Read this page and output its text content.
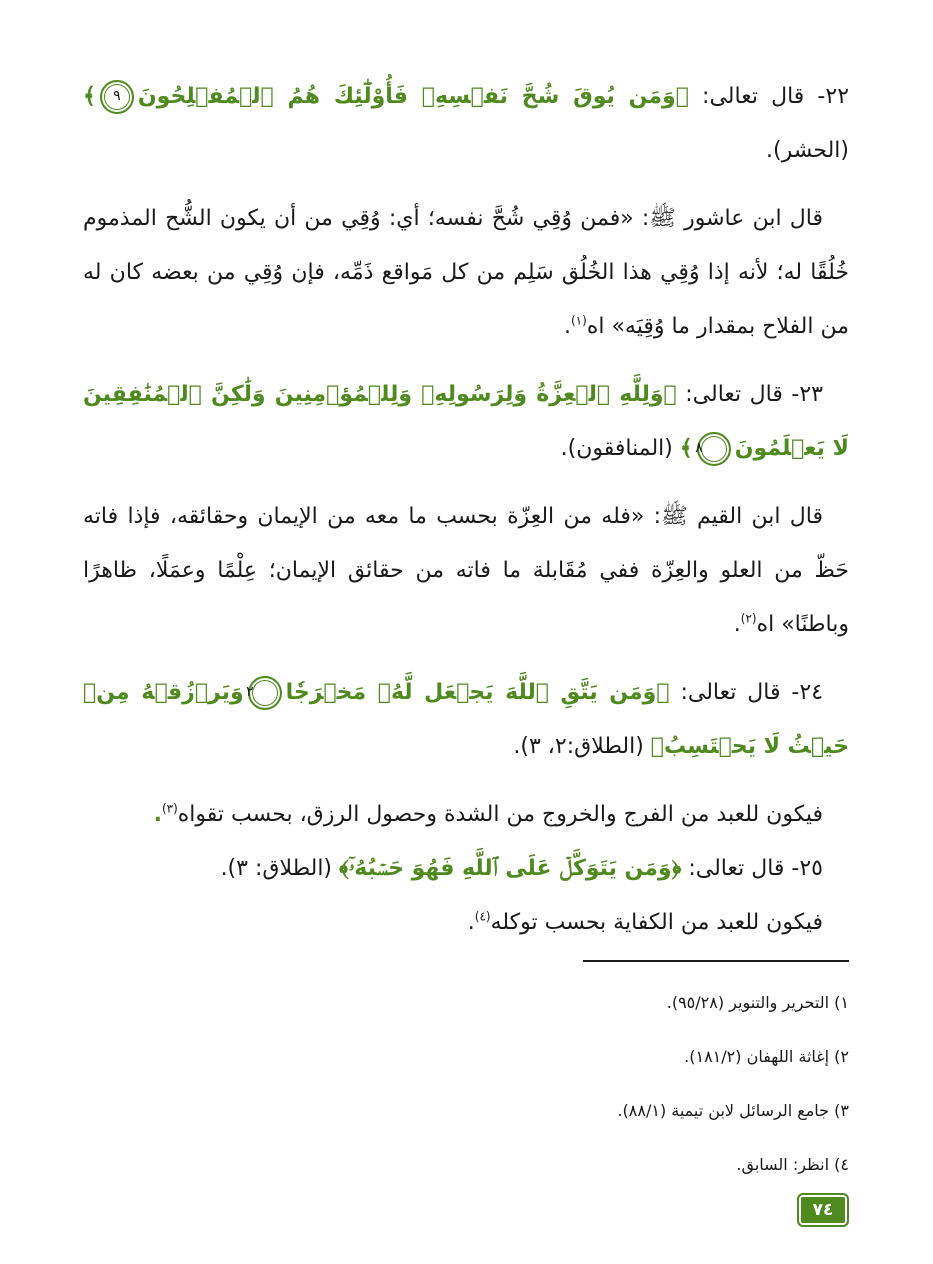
٢٢- قال تعالى: ﴿وَمَن يُوقَ شُحَّ نَفۡسِهِۦ فَأُوْلَٰٓئِكَ هُمُ ٱلۡمُفۡلِحُونَ٩﴾ (الحشر).

قال ابن عاشور ﷺ: «فمن وُقِي شُحَّ نفسه؛ أي: وُقِي من أن يكون الشُّح المذموم خُلُقًا له؛ لأنه إذا وُقِي هذا الخُلُق سَلِم من كل مَواقع ذَمِّه، فإن وُقِي من بعضه كان له من الفلاح بمقدار ما وُقِيَه» اه$^{(١)}$.

٢٣- قال تعالى: ﴿وَلِلَّهِ ٱلۡعِزَّةُ وَلِرَسُولِهِۦ وَلِلۡمُؤۡمِنِينَ وَلَٰكِنَّ ٱلۡمُنَٰفِقِينَ لَا يَعۡلَمُونَ٨﴾ (المنافقون).

قال ابن القيم ﷺ: «فله من العِزّة بحسب ما معه من الإيمان وحقائقه، فإذا فاته حَظّ من العلو والعِزّة ففي مُقَابلة ما فاته من حقائق الإيمان؛ عِلْمًا وعمَلًا، ظاهرًا وباطنًا» اه$^{(٢)}$.

٢٤- قال تعالى: ﴿وَمَن يَتَّقِ ٱللَّهَ يَجۡعَل لَّهُۥ مَخۡرَجٗا٢وَيَرۡزُقۡهُ مِنۡ حَيۡثُ لَا يَحۡتَسِبُ﴾ (الطلاق:٢، ٣).

فيكون للعبد من الفرج والخروج من الشدة وحصول الرزق، بحسب تقواه$^{(٣)}$.

٢٥- قال تعالى: ﴿وَمَن يَتَوَكَّلۡ عَلَى ٱللَّهِ فَهُوَ حَسۡبُهُۥٓ﴾ (الطلاق: ٣).

فيكون للعبد من الكفاية بحسب توكله$^{(٤)}$.

١) التحرير والتنوير (٩٥/٢٨).

٢) إغاثة اللهفان (١٨١/٢).

٣) جامع الرسائل لابن تيمية (٨٨/١).

٤) انظر: السابق.

٧٤
